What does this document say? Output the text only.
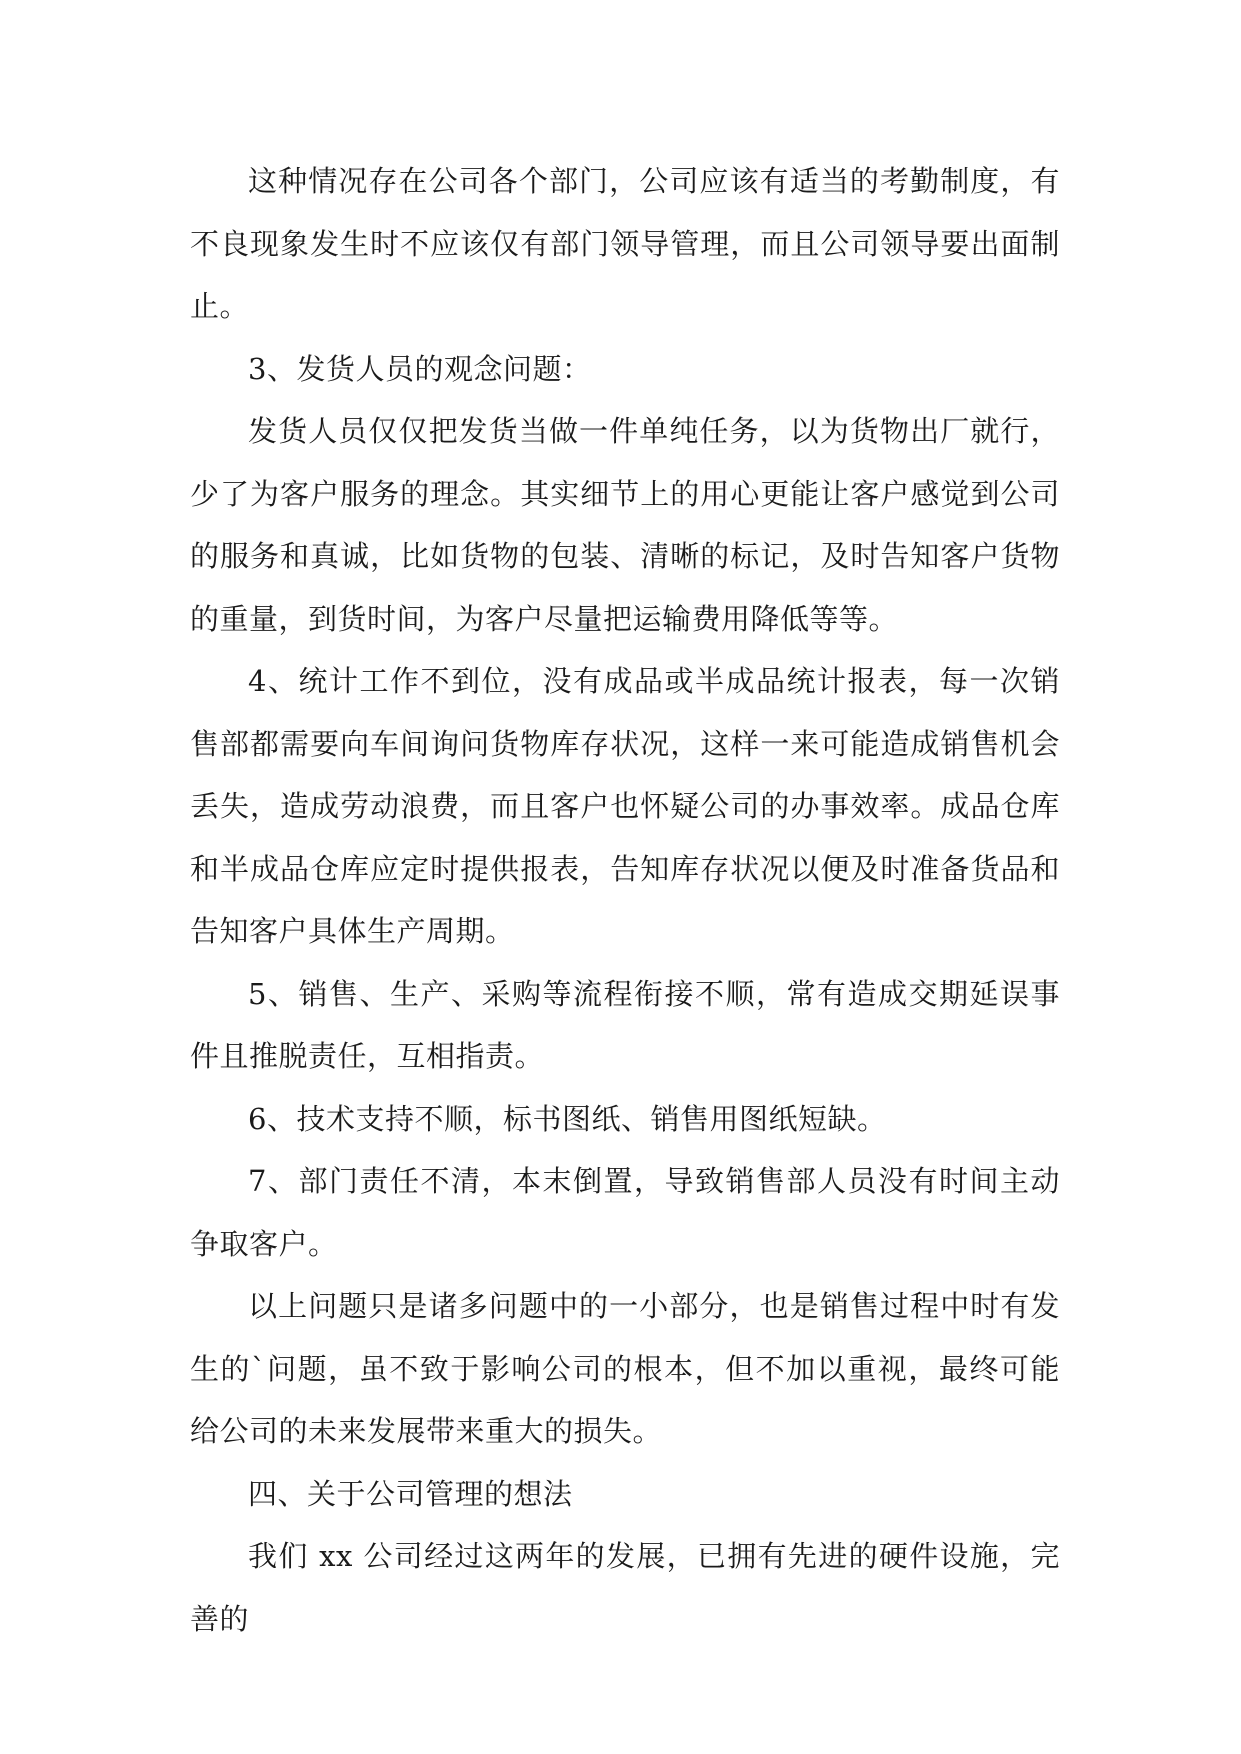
这种情况存在公司各个部门，公司应该有适当的考勤制度，有不良现象发生时不应该仅有部门领导管理，而且公司领导要出面制止。

3、发货人员的观念问题：

发货人员仅仅把发货当做一件单纯任务，以为货物出厂就行，少了为客户服务的理念。其实细节上的用心更能让客户感觉到公司的服务和真诚，比如货物的包装、清晰的标记，及时告知客户货物的重量，到货时间，为客户尽量把运输费用降低等等。

4、统计工作不到位，没有成品或半成品统计报表，每一次销售部都需要向车间询问货物库存状况，这样一来可能造成销售机会丢失，造成劳动浪费，而且客户也怀疑公司的办事效率。成品仓库和半成品仓库应定时提供报表，告知库存状况以便及时准备货品和告知客户具体生产周期。

5、销售、生产、采购等流程衔接不顺，常有造成交期延误事件且推脱责任，互相指责。

6、技术支持不顺，标书图纸、销售用图纸短缺。

7、部门责任不清，本末倒置，导致销售部人员没有时间主动争取客户。

以上问题只是诸多问题中的一小部分，也是销售过程中时有发生的`问题，虽不致于影响公司的根本，但不加以重视，最终可能给公司的未来发展带来重大的损失。

四、关于公司管理的想法

我们 xx 公司经过这两年的发展，已拥有先进的硬件设施，完善的
